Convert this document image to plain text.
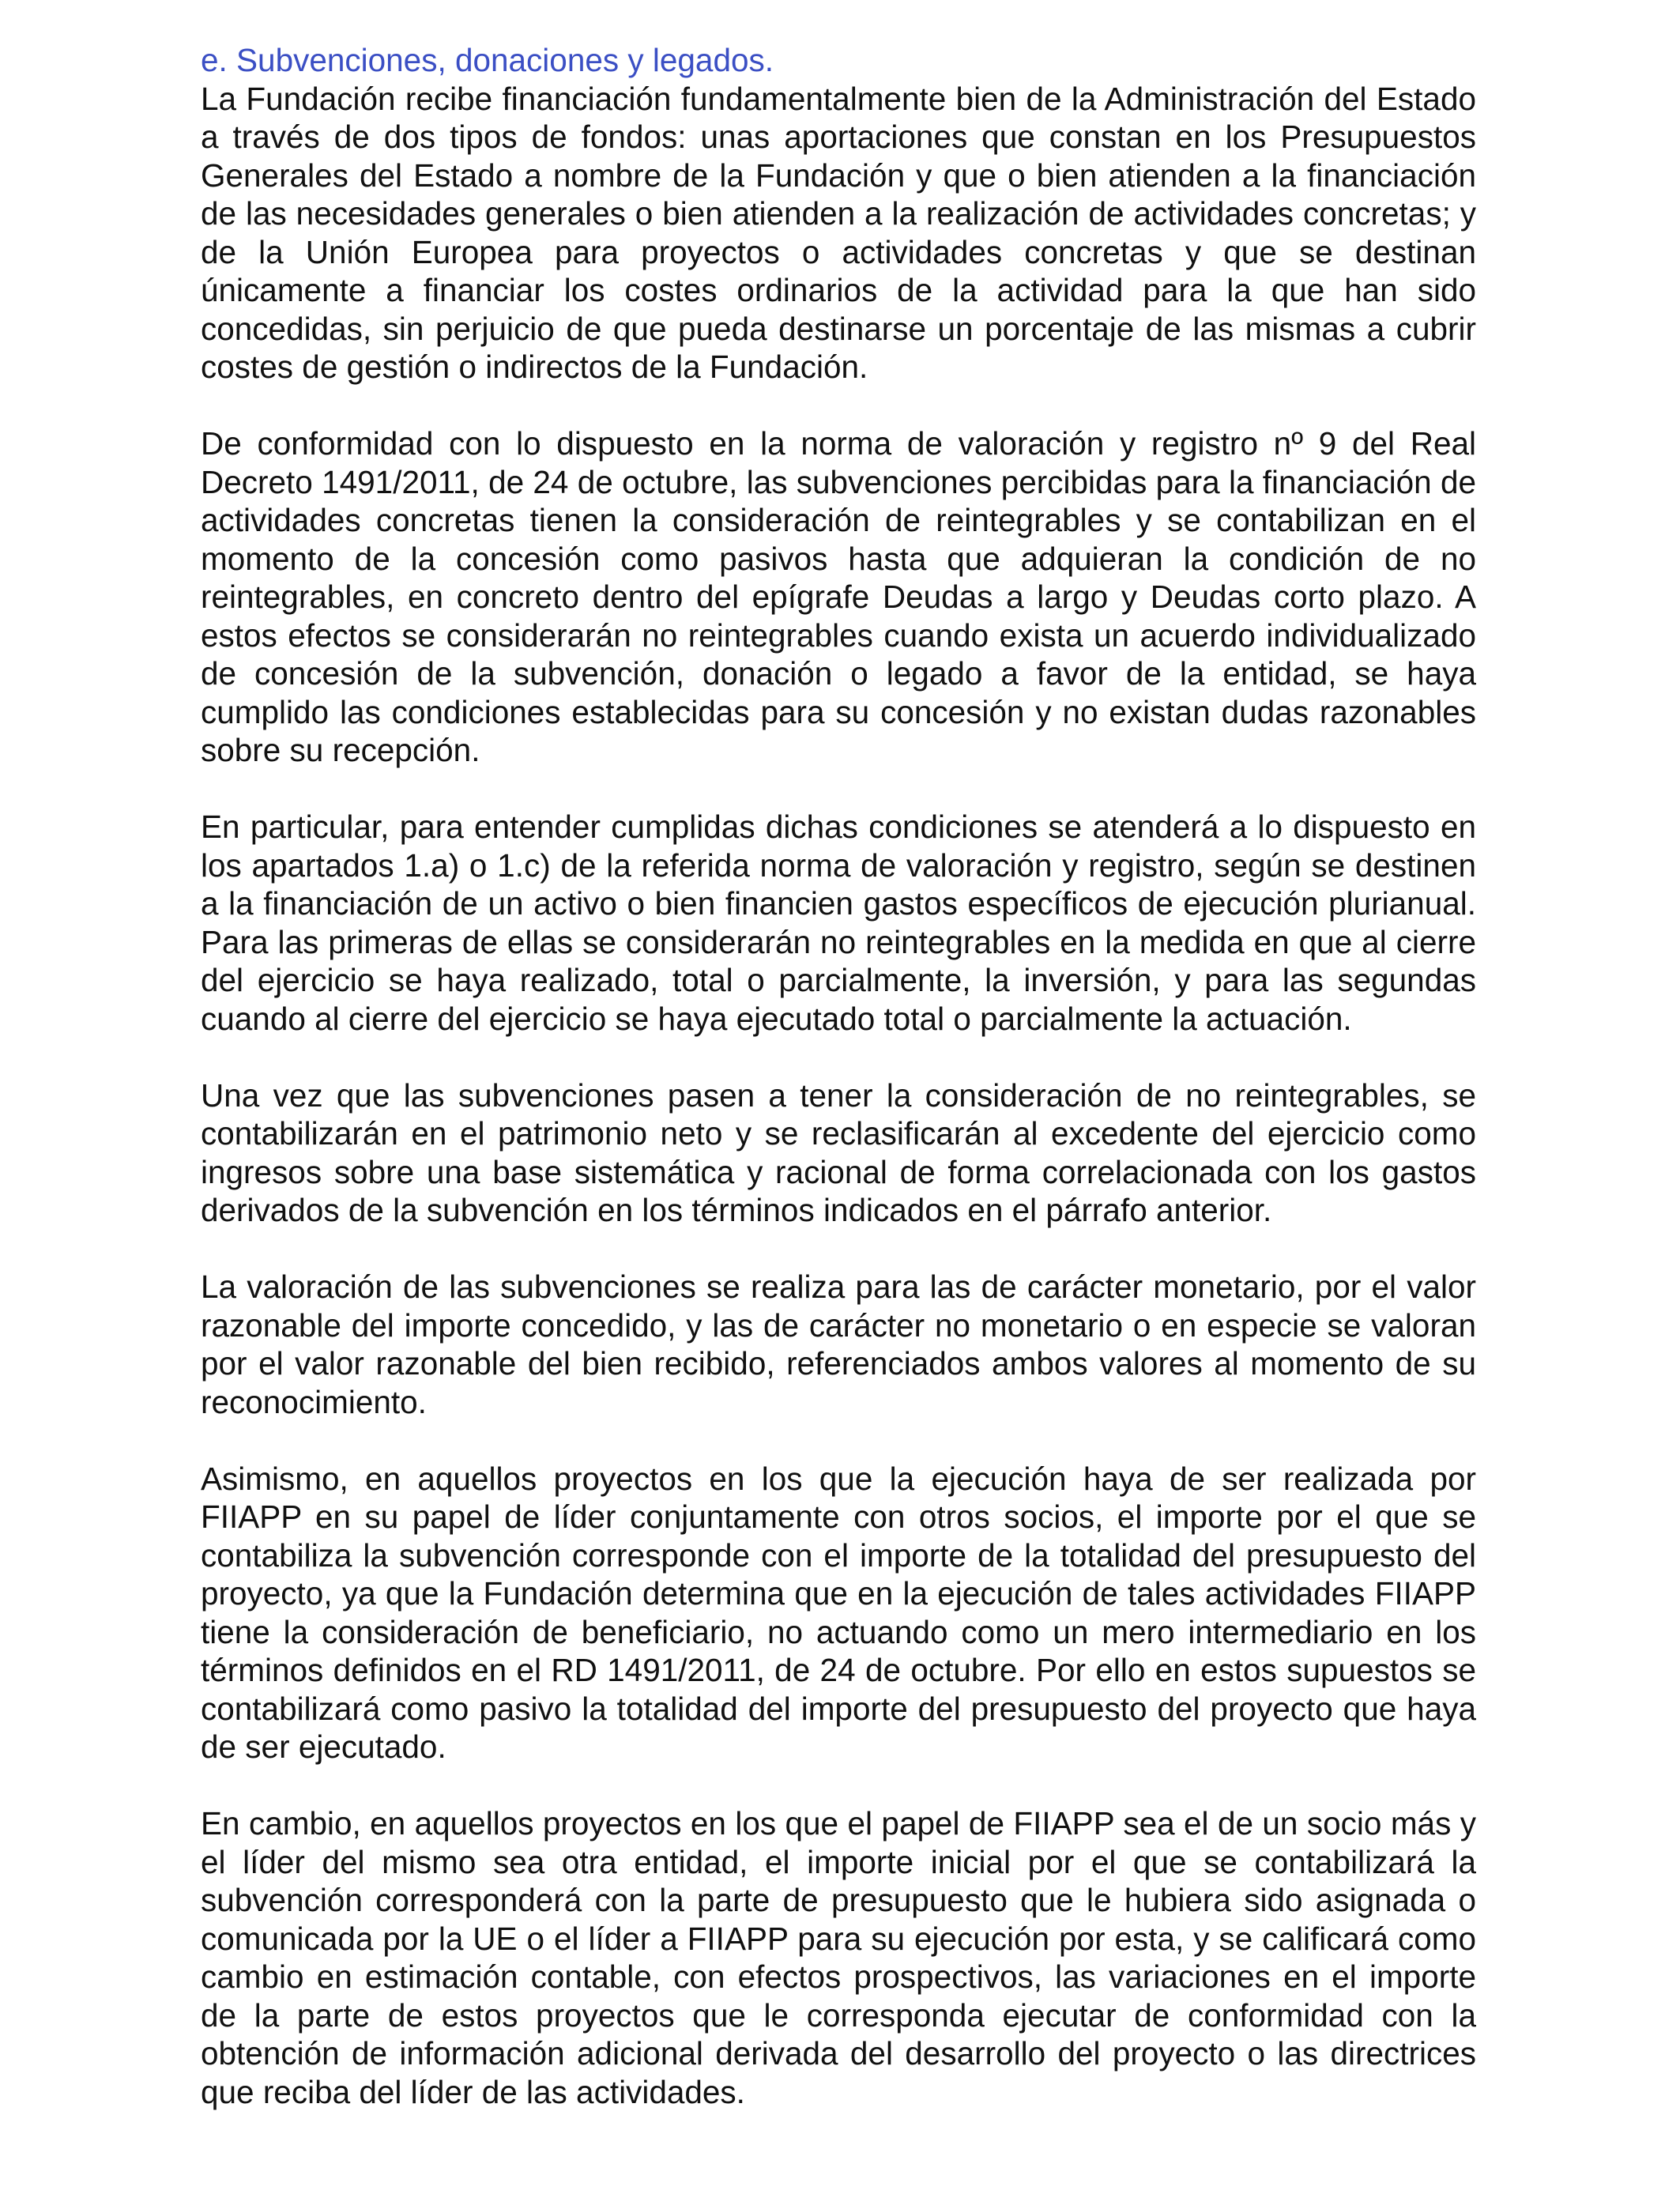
e. Subvenciones, donaciones y legados.

La Fundación recibe financiación fundamentalmente bien de la Administración del Estado a través de dos tipos de fondos: unas aportaciones que constan en los Presupuestos Generales del Estado a nombre de la Fundación y que o bien atienden a la financiación de las necesidades generales o bien atienden a la realización de actividades concretas; y de la Unión Europea para proyectos o actividades concretas y que se destinan únicamente a financiar los costes ordinarios de la actividad para la que han sido concedidas, sin perjuicio de que pueda destinarse un porcentaje de las mismas a cubrir costes de gestión o indirectos de la Fundación.

De conformidad con lo dispuesto en la norma de valoración y registro nº 9 del Real Decreto 1491/2011, de 24 de octubre, las subvenciones percibidas para la financiación de actividades concretas tienen la consideración de reintegrables y se contabilizan en el momento de la concesión como pasivos hasta que adquieran la condición de no reintegrables, en concreto dentro del epígrafe Deudas a largo y Deudas corto plazo. A estos efectos se considerarán no reintegrables cuando exista un acuerdo individualizado de concesión de la subvención, donación o legado a favor de la entidad, se haya cumplido las condiciones establecidas para su concesión y no existan dudas razonables sobre su recepción.

En particular, para entender cumplidas dichas condiciones se atenderá a lo dispuesto en los apartados 1.a) o 1.c) de la referida norma de valoración y registro, según se destinen a la financiación de un activo o bien financien gastos específicos de ejecución plurianual. Para las primeras de ellas se considerarán no reintegrables en la medida en que al cierre del ejercicio se haya realizado, total o parcialmente, la inversión, y para las segundas cuando al cierre del ejercicio se haya ejecutado total o parcialmente la actuación.

Una vez que las subvenciones pasen a tener la consideración de no reintegrables, se contabilizarán en el patrimonio neto y se reclasificarán al excedente del ejercicio como ingresos sobre una base sistemática y racional de forma correlacionada con los gastos derivados de la subvención en los términos indicados en el párrafo anterior.

La valoración de las subvenciones se realiza para las de carácter monetario, por el valor razonable del importe concedido, y las de carácter no monetario o en especie se valoran por el valor razonable del bien recibido, referenciados ambos valores al momento de su reconocimiento.

Asimismo, en aquellos proyectos en los que la ejecución haya de ser realizada por FIIAPP en su papel de líder conjuntamente con otros socios, el importe por el que se contabiliza la subvención corresponde con el importe de la totalidad del presupuesto del proyecto, ya que la Fundación determina que en la ejecución de tales actividades FIIAPP tiene la consideración de beneficiario, no actuando como un mero intermediario en los términos definidos en el RD 1491/2011, de 24 de octubre. Por ello en estos supuestos se contabilizará como pasivo la totalidad del importe del presupuesto del proyecto que haya de ser ejecutado.

En cambio, en aquellos proyectos en los que el papel de FIIAPP sea el de un socio más y el líder del mismo sea otra entidad, el importe inicial por el que se contabilizará la subvención corresponderá con la parte de presupuesto que le hubiera sido asignada o comunicada por la UE o el líder a FIIAPP para su ejecución por esta, y se calificará como cambio en estimación contable, con efectos prospectivos, las variaciones en el importe de la parte de estos proyectos que le corresponda ejecutar de conformidad con la obtención de información adicional derivada del desarrollo del proyecto o las directrices que reciba del líder de las actividades.
